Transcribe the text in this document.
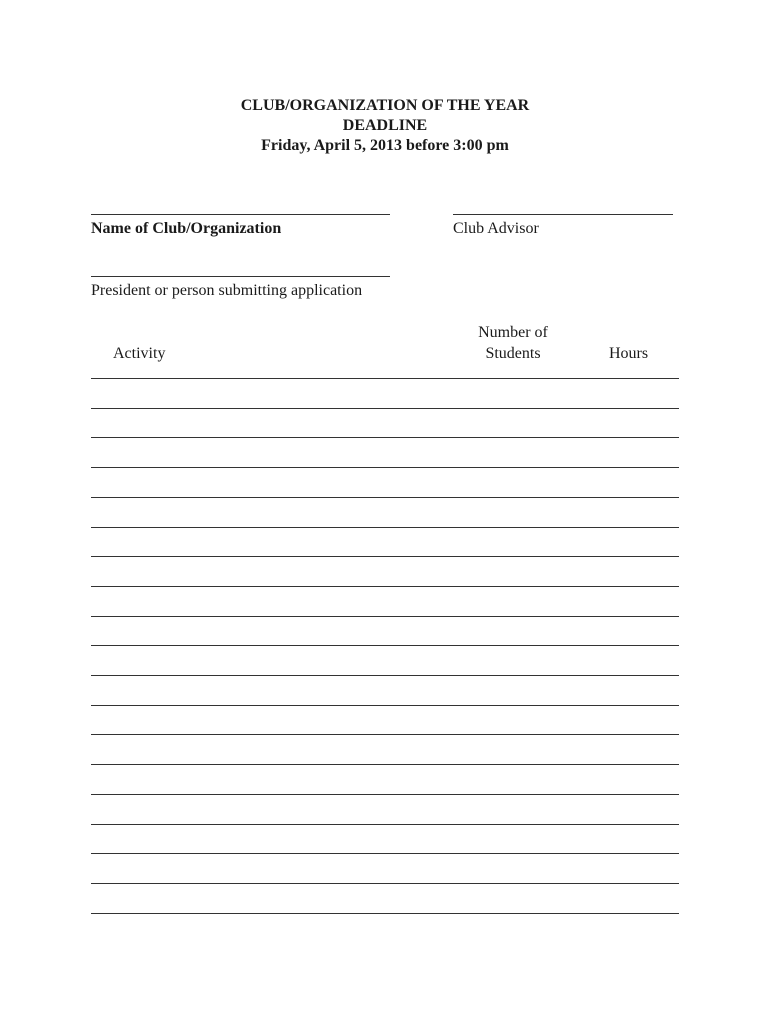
CLUB/ORGANIZATION OF THE YEAR
DEADLINE
Friday, April 5, 2013 before 3:00 pm
Name of Club/Organization	Club Advisor
President or person submitting application
Activity
Number of
Students	Hours
